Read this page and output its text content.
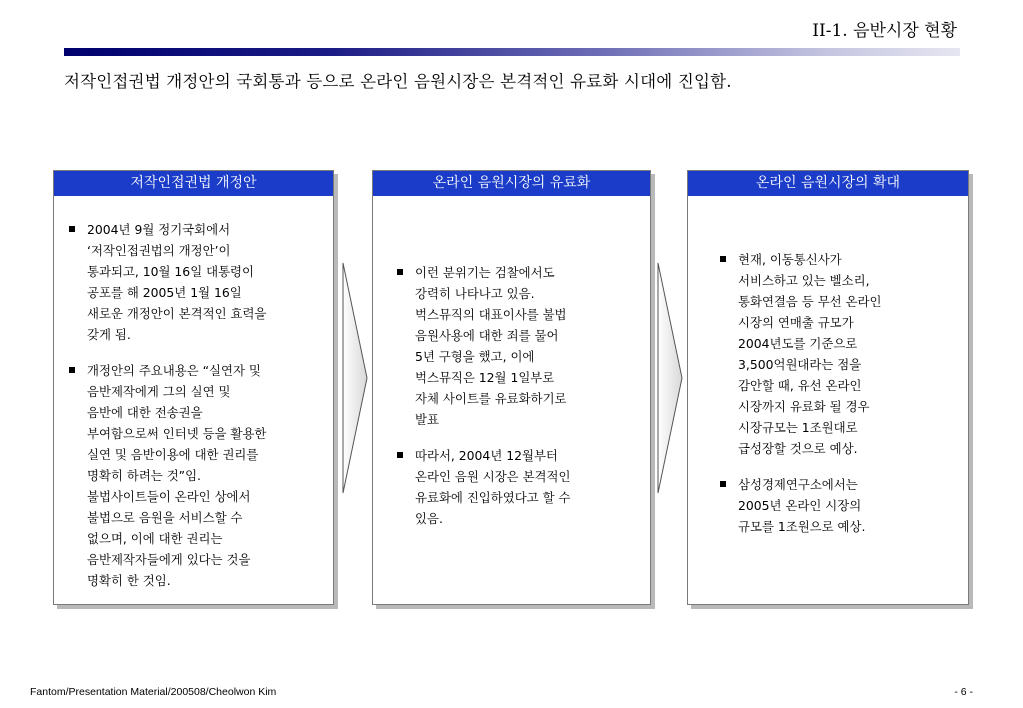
II-1. 음반시장 현황
저작인접권법 개정안의 국회통과 등으로 온라인 음원시장은 본격적인 유료화 시대에 진입함.
저작인접권법 개정안
2004년 9월 정기국회에서
‘저작인접권법의 개정안’이
통과되고, 10월 16일 대통령이
공포를 해 2005년 1월 16일
새로운 개정안이 본격적인 효력을
갖게 됨.
개정안의 주요내용은 “실연자 및
음반제작에게 그의 실연 및
음반에 대한 전송권을
부여함으로써 인터넷 등을 활용한
실연 및 음반이용에 대한 권리를
명확히 하려는 것”임.
불법사이트들이 온라인 상에서
불법으로 음원을 서비스할 수
없으며, 이에 대한 권리는
음반제작자들에게 있다는 것을
명확히 한 것임.
온라인 음원시장의 유료화
이런 분위기는 검찰에서도
강력히 나타나고 있음.
벅스뮤직의 대표이사를 불법
음원사용에 대한 죄를 물어
5년 구형을 했고, 이에
벅스뮤직은 12월 1일부로
자체 사이트를 유료화하기로
발표
따라서, 2004년 12월부터
온라인 음원 시장은 본격적인
유료화에 진입하였다고 할 수
있음.
온라인 음원시장의 확대
현재, 이동통신사가
서비스하고 있는 벨소리,
통화연결음 등 무선 온라인
시장의 연매출 규모가
2004년도를 기준으로
3,500억원대라는 점을
감안할 때, 유선 온라인
시장까지 유료화 될 경우
시장규모는 1조원대로
급성장할 것으로 예상.
삼성경제연구소에서는
2005년 온라인 시장의
규모를 1조원으로 예상.
Fantom/Presentation Material/200508/Cheolwon Kim	- 6 -
